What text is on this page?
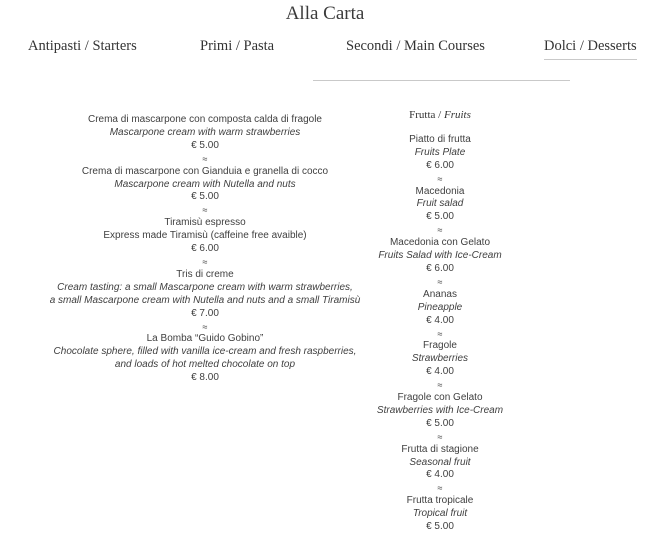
Alla Carta
Antipasti / Starters	Primi / Pasta	Secondi / Main Courses	Dolci / Desserts
Crema di mascarpone con composta calda di fragole
Mascarpone cream with warm strawberries
€ 5.00
≈
Crema di mascarpone con Gianduia e granella di cocco
Mascarpone cream with Nutella and nuts
€ 5.00
≈
Tiramisù espresso
Express made Tiramisù (caffeine free avaible)
€ 6.00
≈
Tris di creme
Cream tasting: a small Mascarpone cream with warm strawberries,
a small Mascarpone cream with Nutella and nuts and a small Tiramisù
€ 7.00
≈
La Bomba “Guido Gobino”
Chocolate sphere, filled with vanilla ice-cream and fresh raspberries,
and loads of hot melted chocolate on top
€ 8.00
Frutta / Fruits
Piatto di frutta
Fruits Plate
€ 6.00
≈
Macedonia
Fruit salad
€ 5.00
≈
Macedonia con Gelato
Fruits Salad with Ice-Cream
€ 6.00
≈
Ananas
Pineapple
€ 4.00
≈
Fragole
Strawberries
€ 4.00
≈
Fragole con Gelato
Strawberries with Ice-Cream
€ 5.00
≈
Frutta di stagione
Seasonal fruit
€ 4.00
≈
Frutta tropicale
Tropical fruit
€ 5.00
